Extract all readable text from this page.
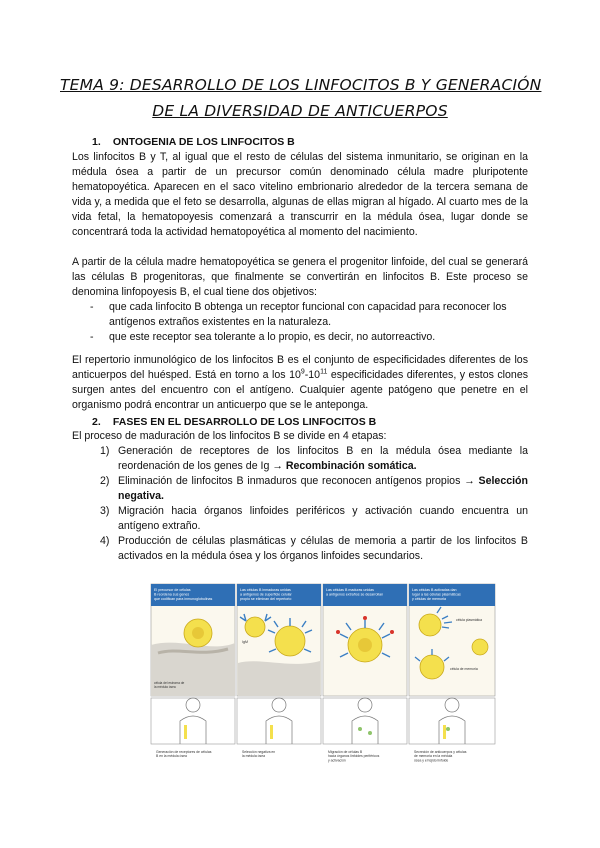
TEMA 9: DESARROLLO DE LOS LINFOCITOS B Y GENERACIÓN
DE LA DIVERSIDAD DE ANTICUERPOS
1. ONTOGENIA DE LOS LINFOCITOS B
Los linfocitos B y T, al igual que el resto de células del sistema inmunitario, se originan en la médula ósea a partir de un precursor común denominado célula madre pluripotente hematopoyética. Aparecen en el saco vitelino embrionario alrededor de la tercera semana de vida y, a medida que el feto se desarrolla, algunas de ellas migran al hígado. Al cuarto mes de la vida fetal, la hematopoyesis comenzará a transcurrir en la médula ósea, lugar donde se concentrará toda la actividad hematopoyética al momento del nacimiento.
A partir de la célula madre hematopoyética se genera el progenitor linfoide, del cual se generará las células B progenitoras, que finalmente se convertirán en linfocitos B. Este proceso se denomina linfopoyesis B, el cual tiene dos objetivos:
- que cada linfocito B obtenga un receptor funcional con capacidad para reconocer los antígenos extraños existentes en la naturaleza.
- que este receptor sea tolerante a lo propio, es decir, no autorreactivo.
El repertorio inmunológico de los linfocitos B es el conjunto de especificidades diferentes de los anticuerpos del huésped. Está en torno a los $10^9-10^{11}$ especificidades diferentes, y estos clones surgen antes del encuentro con el antígeno. Cualquier agente patógeno que penetre en el organismo podrá encontrar un anticuerpo que se le anteponga.
2. FASES EN EL DESARROLLO DE LOS LINFOCITOS B
El proceso de maduración de los linfocitos B se divide en 4 etapas:
1) Generación de receptores de los linfocitos B en la médula ósea mediante la reordenación de los genes de Ig → Recombinación somática.
2) Eliminación de linfocitos B inmaduros que reconocen antígenos propios → Selección negativa.
3) Migración hacia órganos linfoides periféricos y activación cuando encuentra un antígeno extraño.
4) Producción de células plasmáticas y células de memoria a partir de los linfocitos B activados en la médula ósea y los órganos linfoides secundarios.
El precursor de células B reordena sus genes que codifican para inmunoglobulinas
célula del estroma de la médula ósea
Las células B inmaduras unidas a antígenos de superficie celular propio se eliminan del repertorio
IgM
Las células B maduras unidas a antígenos extraños se desarrollan
Las células B activadas dan lugar a las células plasmáticas y células de memoria
célula plasmática
célula de memoria
Generación de receptores de células B en la médula ósea
Selección negativa en la médula ósea
Migración de células B hacia órganos linfoides periféricos y activación
Secreción de anticuerpos y células de memoria en la médula ósea y el tejido linfoide
